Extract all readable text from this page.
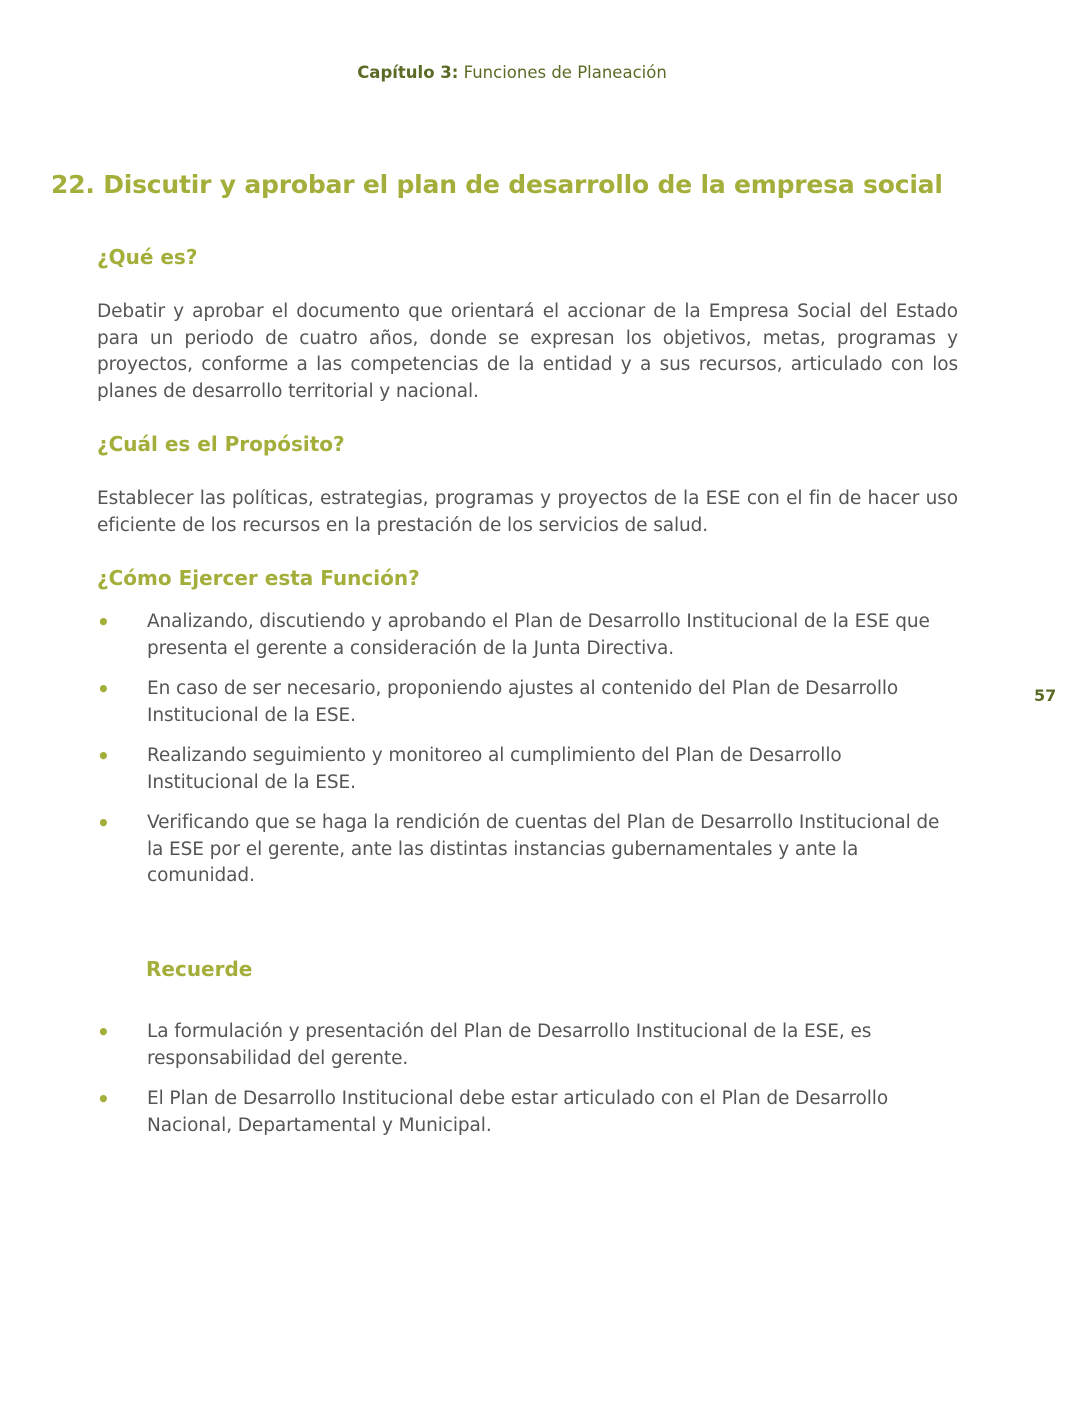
Capítulo 3: Funciones de Planeación
22. Discutir y aprobar el plan de desarrollo de la empresa social
¿Qué es?

Debatir y aprobar el documento que orientará el accionar de la Empresa Social del Estado para un periodo de cuatro años, donde se expresan los objetivos, metas, programas y proyectos, conforme a las competencias de la entidad y a sus recursos, articulado con los planes de desarrollo territorial y nacional.

¿Cuál es el Propósito?

Establecer las políticas, estrategias, programas y proyectos de la ESE con el fin de hacer uso eficiente de los recursos en la prestación de los servicios de salud.

¿Cómo Ejercer esta Función?
• Analizando, discutiendo y aprobando el Plan de Desarrollo Institucional de la ESE que presenta el gerente a consideración de la Junta Directiva.
• En caso de ser necesario, proponiendo ajustes al contenido del Plan de Desarrollo Institucional de la ESE.
• Realizando seguimiento y monitoreo al cumplimiento del Plan de Desarrollo Institucional de la ESE.
• Verificando que se haga la rendición de cuentas del Plan de Desarrollo Institucional de la ESE por el gerente, ante las distintas instancias gubernamentales y ante la comunidad.
Recuerde
• La formulación y presentación del Plan de Desarrollo Institucional de la ESE, es responsabilidad del gerente.
• El Plan de Desarrollo Institucional debe estar articulado con el Plan de Desarrollo Nacional, Departamental y Municipal.
57
